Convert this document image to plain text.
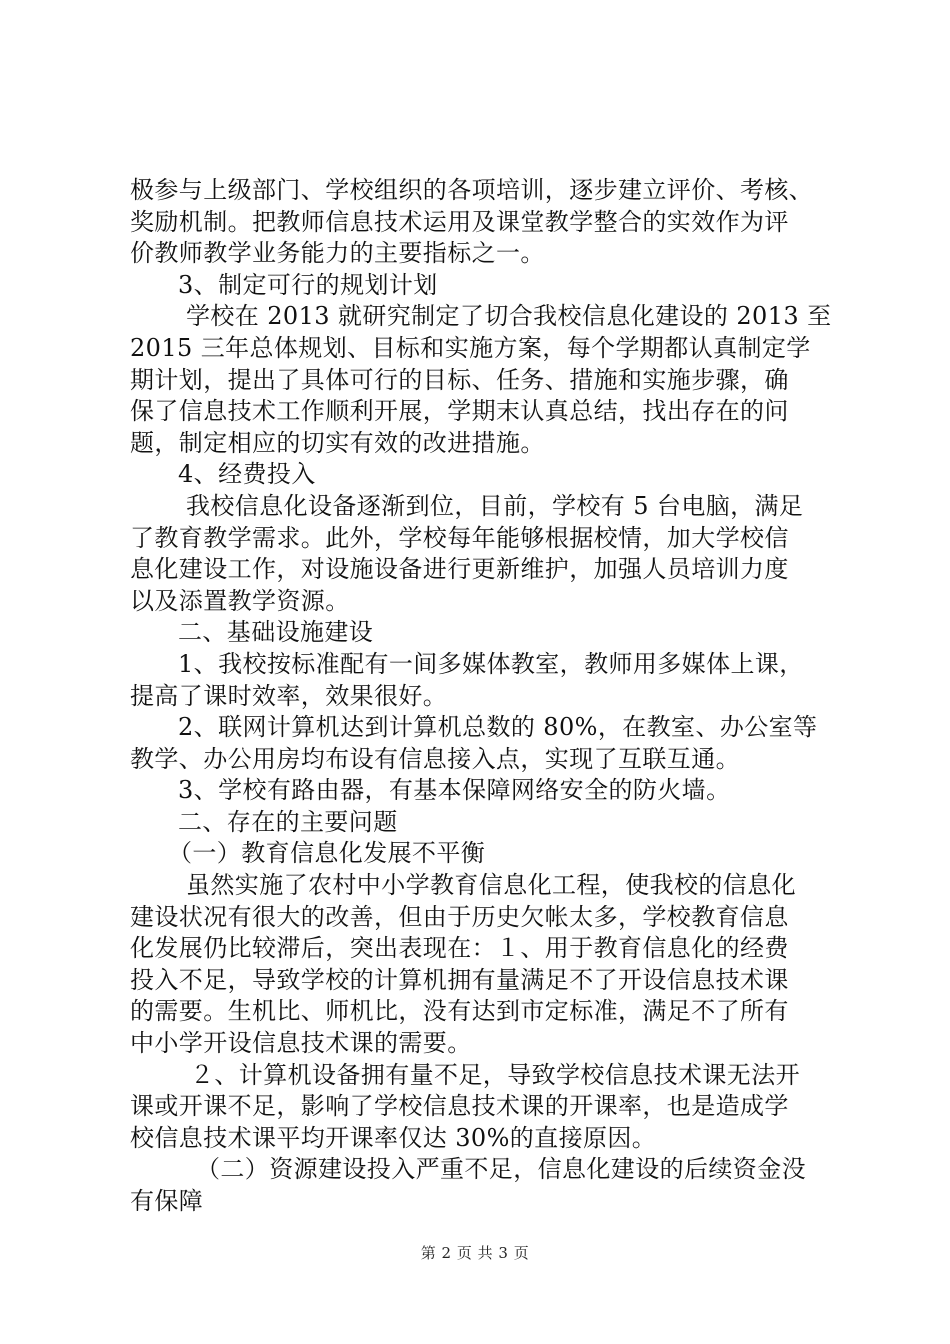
极参与上级部门、学校组织的各项培训，逐步建立评价、考核、
奖励机制。把教师信息技术运用及课堂教学整合的实效作为评
价教师教学业务能力的主要指标之一。
3、制定可行的规划计划
学校在 2013 就研究制定了切合我校信息化建设的 2013 至
2015 三年总体规划、目标和实施方案，每个学期都认真制定学
期计划，提出了具体可行的目标、任务、措施和实施步骤，确
保了信息技术工作顺利开展，学期末认真总结，找出存在的问
题，制定相应的切实有效的改进措施。
4、经费投入
我校信息化设备逐渐到位，目前，学校有 5 台电脑，满足
了教育教学需求。此外，学校每年能够根据校情，加大学校信
息化建设工作，对设施设备进行更新维护，加强人员培训力度
以及添置教学资源。
二、基础设施建设
1、我校按标准配有一间多媒体教室，教师用多媒体上课，
提高了课时效率，效果很好。
2、联网计算机达到计算机总数的 80%，在教室、办公室等
教学、办公用房均布设有信息接入点，实现了互联互通。
3、学校有路由器，有基本保障网络安全的防火墙。
二、存在的主要问题
（一）教育信息化发展不平衡
虽然实施了农村中小学教育信息化工程，使我校的信息化
建设状况有很大的改善，但由于历史欠帐太多，学校教育信息
化发展仍比较滞后，突出表现在：１、用于教育信息化的经费
投入不足，导致学校的计算机拥有量满足不了开设信息技术课
的需要。生机比、师机比，没有达到市定标准，满足不了所有
中小学开设信息技术课的需要。
２、计算机设备拥有量不足，导致学校信息技术课无法开
课或开课不足，影响了学校信息技术课的开课率，也是造成学
校信息技术课平均开课率仅达 30%的直接原因。
（二）资源建设投入严重不足，信息化建设的后续资金没
有保障
第 2 页 共 3 页
